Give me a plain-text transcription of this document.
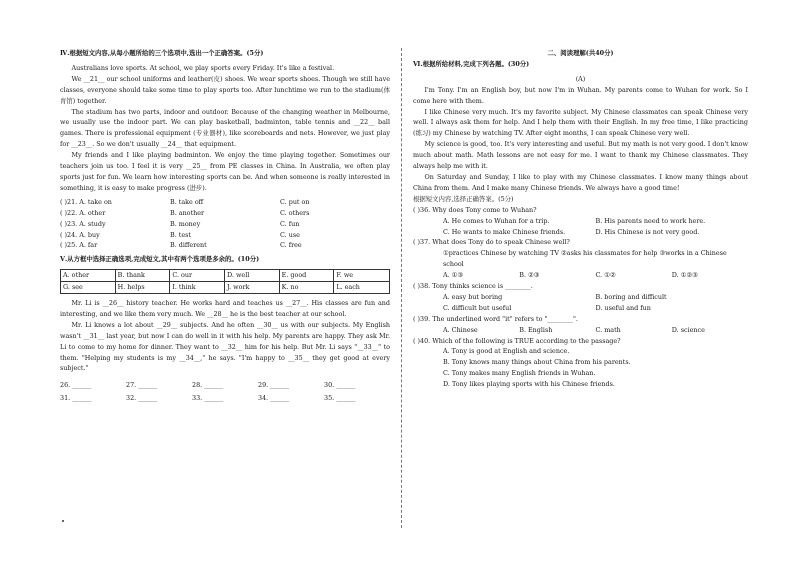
Ⅳ.根据短文内容,从每小题所给的三个选项中,选出一个正确答案。(5分)

Australians love sports. At school, we play sports every Friday. It's like a festival.

We __21__ our school uniforms and leather(皮) shoes. We wear sports shoes. Though we still have classes, everyone should take some time to play sports too. After lunchtime we run to the stadium(体育馆) together.

The stadium has two parts, indoor and outdoor. Because of the changing weather in Melbourne, we usually use the indoor part. We can play basketball, badminton, table tennis and __22__ ball games. There is professional equipment (专业器材), like scoreboards and nets. However, we just play for __23__. So we don't usually __24__ that equipment.

My friends and I like playing badminton. We enjoy the time playing together. Sometimes our teachers join us too. I feel it is very __25__ from PE classes in China. In Australia, we often play sports just for fun. We learn how interesting sports can be. And when someone is really interested in something, it is easy to make progress (进步).

( )21. A. take on	B. take off	C. put on
( )22. A. other	B. another	C. others
( )23. A. study	B. money	C. fun
( )24. A. buy	B. test	C. use
( )25. A. far	B. different	C. free
Ⅴ.从方框中选择正确选项,完成短文,其中有两个选项是多余的。(10分)
A. other	B. thank	C. our	D. well	E. good	F. we
G. see	H. helps	I. think	J. work	K. no	L. each

Mr. Li is __26__ history teacher. He works hard and teaches us __27__. His classes are fun and interesting, and we like them very much. We __28__ he is the best teacher at our school.

Mr. Li knows a lot about __29__ subjects. And he often __30__ us with our subjects. My English wasn't __31__ last year, but now I can do well in it with his help. My parents are happy. They ask Mr. Li to come to my home for dinner. They want to __32__ him for his help. But Mr. Li says "__33__" to them. "Helping my students is my __34__," he says. "I'm happy to __35__ they get good at every subject."

26. ______	27. ______	28. ______	29. ______	30. ______
31. ______	32. ______	33. ______	34. ______	35. ______
二、阅读理解(共40分)
Ⅵ.根据所给材料,完成下列各题。(30分)
(A)

I'm Tony. I'm an English boy, but now I'm in Wuhan. My parents come to Wuhan for work. So I come here with them.

I like Chinese very much. It's my favorite subject. My Chinese classmates can speak Chinese very well. I always ask them for help. And I help them with their English. In my free time, I like practicing (练习) my Chinese by watching TV. After eight months, I can speak Chinese very well.

My science is good, too. It's very interesting and useful. But my math is not very good. I don't know much about math. Math lessons are not easy for me. I want to thank my Chinese classmates. They always help me with it.

On Saturday and Sunday, I like to play with my Chinese classmates. I know many things about China from them. And I make many Chinese friends. We always have a good time!

根据短文内容,选择正确答案。(5分)
( )36. Why does Tony come to Wuhan?
A. He comes to Wuhan for a trip.	B. His parents need to work here.
C. He wants to make Chinese friends.	D. His Chinese is not very good.
( )37. What does Tony do to speak Chinese well?
①practices Chinese by watching TV ②asks his classmates for help ③works in a Chinese school
A. ①③	B. ②③	C. ①②	D. ①②③
( )38. Tony thinks science is ________.
A. easy but boring	B. boring and difficult
C. difficult but useful	D. useful and fun
( )39. The underlined word "it" refers to "________".
A. Chinese	B. English	C. math	D. science
( )40. Which of the following is TRUE according to the passage?
A. Tony is good at English and science.
B. Tony knows many things about China from his parents.
C. Tony makes many English friends in Wuhan.
D. Tony likes playing sports with his Chinese friends.
